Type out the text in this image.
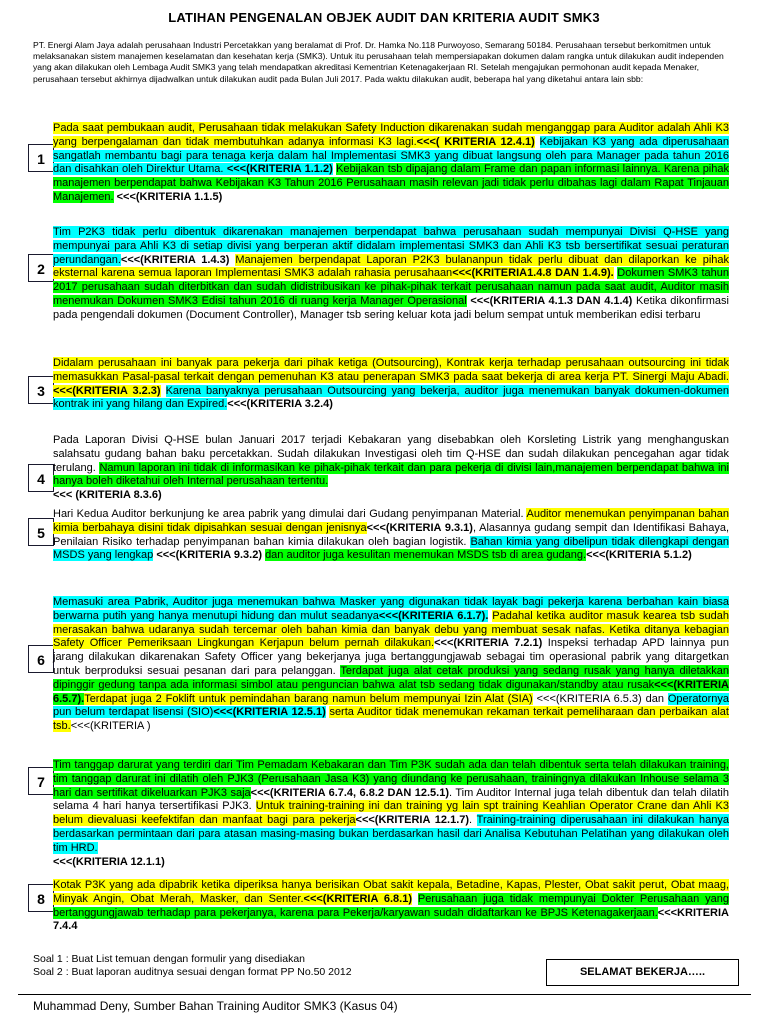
LATIHAN PENGENALAN OBJEK AUDIT DAN KRITERIA AUDIT SMK3
PT. Energi Alam Jaya adalah perusahaan Industri Percetakkan yang beralamat di Prof. Dr. Hamka No.118 Purwoyoso, Semarang 50184. Perusahaan tersebut berkomitmen untuk melaksanakan sistem manajemen keselamatan dan kesehatan kerja (SMK3). Untuk itu perusahaan telah mempersiapakan dokumen dalam rangka untuk dilakukan audit independen yang akan dilakukan oleh Lembaga Audit SMK3 yang telah mendapatkan akreditasi Kementrian Ketenagakerjaan RI. Setelah mengajukan permohonan audit kepada Menaker, perusahaan tersebut akhirnya dijadwalkan untuk dilakukan audit pada Bulan Juli 2017. Pada waktu dilakukan audit, beberapa hal yang diketahui antara lain sbb:
1
Pada saat pembukaan audit, Perusahaan tidak melakukan Safety Induction dikarenakan sudah menganggap para Auditor adalah Ahli K3 yang berpengalaman dan tidak membutuhkan adanya informasi K3 lagi.<<<( KRITERIA 12.4.1) Kebijakan K3 yang ada diperusahaan sangatlah membantu bagi para tenaga kerja dalam hal Implementasi SMK3 yang dibuat langsung oleh para Manager pada tahun 2016 dan disahkan oleh Direktur Utama. <<<(KRITERIA 1.1.2) Kebijakan tsb dipajang dalam Frame dan papan informasi lainnya. Karena pihak manajemen berpendapat bahwa Kebijakan K3 Tahun 2016 Perusahaan masih relevan jadi tidak perlu dibahas lagi dalam Rapat Tinjauan Manajemen. <<<(KRITERIA 1.1.5)
2
Tim P2K3 tidak perlu dibentuk dikarenakan manajemen berpendapat bahwa perusahaan sudah mempunyai Divisi Q-HSE yang mempunyai para Ahli K3 di setiap divisi yang berperan aktif didalam implementasi SMK3 dan Ahli K3 tsb bersertifikat sesuai peraturan perundangan.<<<(KRITERIA 1.4.3) Manajemen berpendapat Laporan P2K3 bulananpun tidak perlu dibuat dan dilaporkan ke pihak eksternal karena semua laporan Implementasi SMK3 adalah rahasia perusahaan<<<(KRITERIA1.4.8 DAN 1.4.9). Dokumen SMK3 tahun 2017 perusahaan sudah diterbitkan dan sudah didistribusikan ke pihak-pihak terkait perusahaan namun pada saat audit, Auditor masih menemukan Dokumen SMK3 Edisi tahun 2016 di ruang kerja Manager Operasional <<<(KRITERIA 4.1.3 DAN 4.1.4) Ketika dikonfirmasi pada pengendali dokumen (Document Controller), Manager tsb sering keluar kota jadi belum sempat untuk memberikan edisi terbaru
3
Didalam perusahaan ini banyak para pekerja dari pihak ketiga (Outsourcing), Kontrak kerja terhadap perusahaan outsourcing ini tidak memasukkan Pasal-pasal terkait dengan pemenuhan K3 atau penerapan SMK3 pada saat bekerja di area kerja PT. Sinergi Maju Abadi.<<<(KRITERIA 3.2.3) Karena banyaknya perusahaan Outsourcing yang bekerja, auditor juga menemukan banyak dokumen-dokumen kontrak ini yang hilang dan Expired.<<<(KRITERIA 3.2.4)
4
Pada Laporan Divisi Q-HSE bulan Januari 2017 terjadi Kebakaran yang disebabkan oleh Korsleting Listrik yang menghanguskan salahsatu gudang bahan baku percetakkan. Sudah dilakukan Investigasi oleh tim Q-HSE dan sudah dilakukan pencegahan agar tidak terulang. Namun laporan ini tidak di informasikan ke pihak-pihak terkait dan para pekerja di divisi lain,manajemen berpendapat bahwa ini hanya boleh diketahui oleh Internal perusahaan tertentu.
<<< (KRITERIA 8.3.6)
5
Hari Kedua Auditor berkunjung ke area pabrik yang dimulai dari Gudang penyimpanan Material. Auditor menemukan penyimpanan bahan kimia berbahaya disini tidak dipisahkan sesuai dengan jenisnya<<<(KRITERIA 9.3.1), Alasannya gudang sempit dan Identifikasi Bahaya, Penilaian Risiko terhadap penyimpanan bahan kimia dilakukan oleh bagian logistik. Bahan kimia yang dibelipun tidak dilengkapi dengan MSDS yang lengkap <<<(KRITERIA 9.3.2) dan auditor juga kesulitan menemukan MSDS tsb di area gudang.<<<(KRITERIA 5.1.2)
6
Memasuki area Pabrik, Auditor juga menemukan bahwa Masker yang digunakan tidak layak bagi pekerja karena berbahan kain biasa berwarna putih yang hanya menutupi hidung dan mulut seadanya<<<(KRITERIA 6.1.7). Padahal ketika auditor masuk kearea tsb sudah merasakan bahwa udaranya sudah tercemar oleh bahan kimia dan banyak debu yang membuat sesak nafas. Ketika ditanya kebagian Safety Officer Pemeriksaan Lingkungan Kerjapun belum pernah dilakukan.<<<(KRITERIA 7.2.1) Inspeksi terhadap APD lainnya pun jarang dilakukan dikarenakan Safety Officer yang bekerjanya juga bertanggungjawab sebagai tim operasional pabrik yang ditargetkan untuk berproduksi sesuai pesanan dari para pelanggan. Terdapat juga alat cetak produksi yang sedang rusak yang hanya diletakkan dipinggir gedung tanpa ada informasi simbol atau penguncian bahwa alat tsb sedang tidak digunakan/standby atau rusak<<<(KRITERIA 6.5.7).Terdapat juga 2 Foklift untuk pemindahan barang namun belum mempunyai Izin Alat (SIA) <<<(KRITERIA 6.5.3) dan Operatornya pun belum terdapat lisensi (SIO)<<<(KRITERIA 12.5.1) serta Auditor tidak menemukan rekaman terkait pemeliharaan dan perbaikan alat tsb.<<<(KRITERIA )
7
Tim tanggap darurat yang terdiri dari Tim Pemadam Kebakaran dan Tim P3K sudah ada dan telah dibentuk serta telah dilakukan training, tim tanggap darurat ini dilatih oleh PJK3 (Perusahaan Jasa K3) yang diundang ke perusahaan, trainingnya dilakukan Inhouse selama 3 hari dan sertifikat dikeluarkan PJK3 saja<<<(KRITERIA 6.7.4, 6.8.2 DAN 12.5.1). Tim Auditor Internal juga telah dibentuk dan telah dilatih selama 4 hari hanya tersertifikasi PJK3. Untuk training-training ini dan training yg lain spt training Keahlian Operator Crane dan Ahli K3 belum dievaluasi keefektifan dan manfaat bagi para pekerja<<<(KRITERIA 12.1.7). Training-training diperusahaan ini dilakukan hanya berdasarkan permintaan dari para atasan masing-masing bukan berdasarkan hasil dari Analisa Kebutuhan Pelatihan yang dilakukan oleh tim HRD.
<<<(KRITERIA 12.1.1)
8
Kotak P3K yang ada dipabrik ketika diperiksa hanya berisikan Obat sakit kepala, Betadine, Kapas, Plester, Obat sakit perut, Obat maag, Minyak Angin, Obat Merah, Masker, dan Senter.<<<(KRITERIA 6.8.1) Perusahaan juga tidak mempunyai Dokter Perusahaan yang bertanggungjawab terhadap para pekerjanya, karena para Pekerja/karyawan sudah didaftarkan ke BPJS Ketenagakerjaan.<<<KRITERIA 7.4.4
Soal 1 : Buat List temuan dengan formulir yang disediakan
Soal 2 : Buat laporan auditnya sesuai dengan format PP No.50 2012	SELAMAT BEKERJA…..
Muhammad Deny, Sumber Bahan Training Auditor SMK3 (Kasus 04)
